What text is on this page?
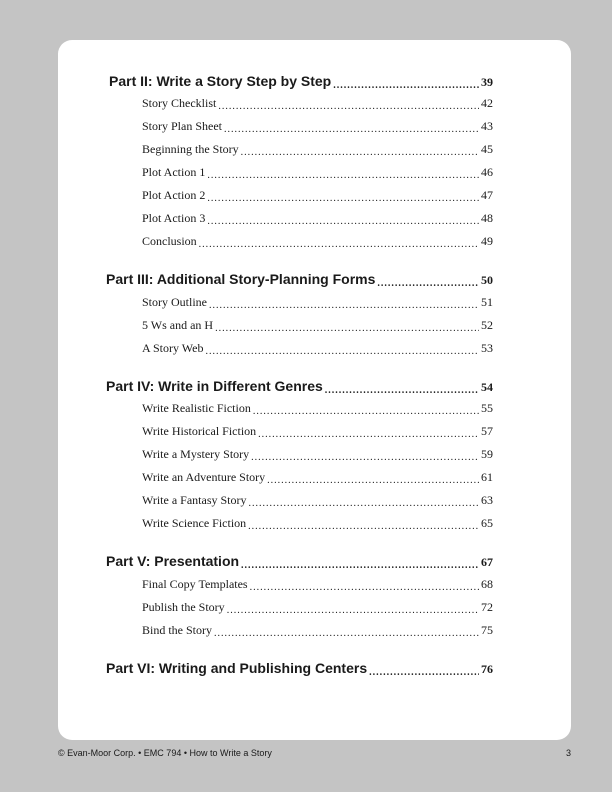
Part II: Write a Story Step by Step .....	39
Story Checklist .....	42
Story Plan Sheet .....	43
Beginning the Story .....	45
Plot Action 1 .....	46
Plot Action 2 .....	47
Plot Action 3 .....	48
Conclusion .....	49
Part III: Additional Story-Planning Forms .....	50
Story Outline .....	51
5 Ws and an H .....	52
A Story Web .....	53
Part IV: Write in Different Genres .....	54
Write Realistic Fiction .....	55
Write Historical Fiction .....	57
Write a Mystery Story .....	59
Write an Adventure Story .....	61
Write a Fantasy Story .....	63
Write Science Fiction .....	65
Part V: Presentation .....	67
Final Copy Templates .....	68
Publish the Story .....	72
Bind the Story .....	75
Part VI: Writing and Publishing Centers .....	76
© Evan-Moor Corp. • EMC 794 • How to Write a Story	3
